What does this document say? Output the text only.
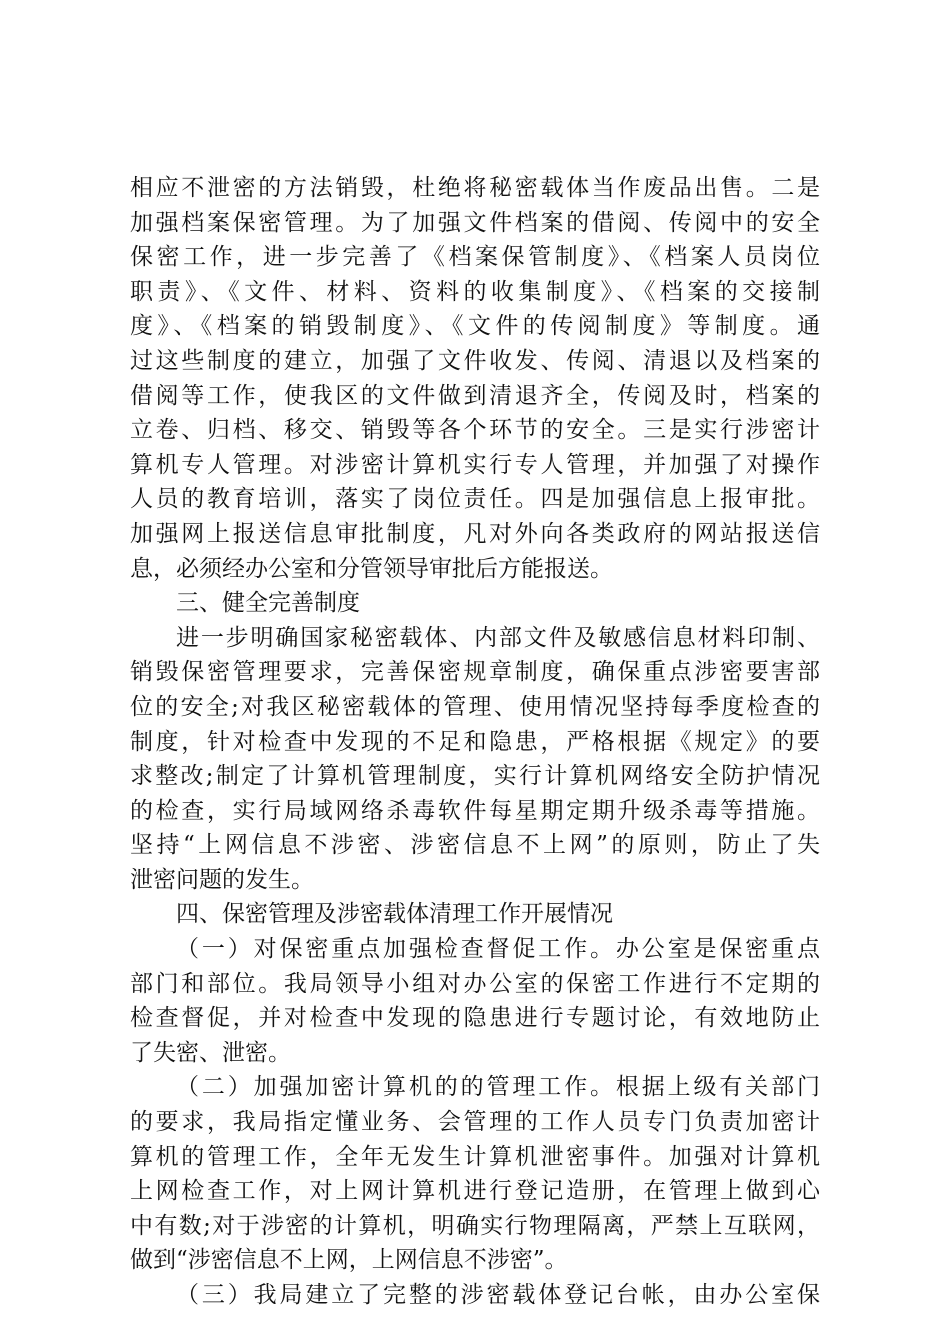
相应不泄密的方法销毁，杜绝将秘密载体当作废品出售。二是
加强档案保密管理。为了加强文件档案的借阅、传阅中的安全
保密工作，进一步完善了《档案保管制度》、《档案人员岗位
职责》、《文件、材料、资料的收集制度》、《档案的交接制
度》、《档案的销毁制度》、《文件的传阅制度》等制度。通
过这些制度的建立，加强了文件收发、传阅、清退以及档案的
借阅等工作，使我区的文件做到清退齐全，传阅及时，档案的
立卷、归档、移交、销毁等各个环节的安全。三是实行涉密计
算机专人管理。对涉密计算机实行专人管理，并加强了对操作
人员的教育培训，落实了岗位责任。四是加强信息上报审批。
加强网上报送信息审批制度，凡对外向各类政府的网站报送信
息，必须经办公室和分管领导审批后方能报送。
三、健全完善制度
进一步明确国家秘密载体、内部文件及敏感信息材料印制、
销毁保密管理要求，完善保密规章制度，确保重点涉密要害部
位的安全;对我区秘密载体的管理、使用情况坚持每季度检查的
制度，针对检查中发现的不足和隐患，严格根据《规定》的要
求整改;制定了计算机管理制度，实行计算机网络安全防护情况
的检查，实行局域网络杀毒软件每星期定期升级杀毒等措施。
坚持“上网信息不涉密、涉密信息不上网”的原则，防止了失
泄密问题的发生。
四、保密管理及涉密载体清理工作开展情况
（一）对保密重点加强检查督促工作。办公室是保密重点
部门和部位。我局领导小组对办公室的保密工作进行不定期的
检查督促，并对检查中发现的隐患进行专题讨论，有效地防止
了失密、泄密。
（二）加强加密计算机的的管理工作。根据上级有关部门
的要求，我局指定懂业务、会管理的工作人员专门负责加密计
算机的管理工作，全年无发生计算机泄密事件。加强对计算机
上网检查工作，对上网计算机进行登记造册，在管理上做到心
中有数;对于涉密的计算机，明确实行物理隔离，严禁上互联网，
做到“涉密信息不上网，上网信息不涉密”。
（三）我局建立了完整的涉密载体登记台帐，由办公室保
